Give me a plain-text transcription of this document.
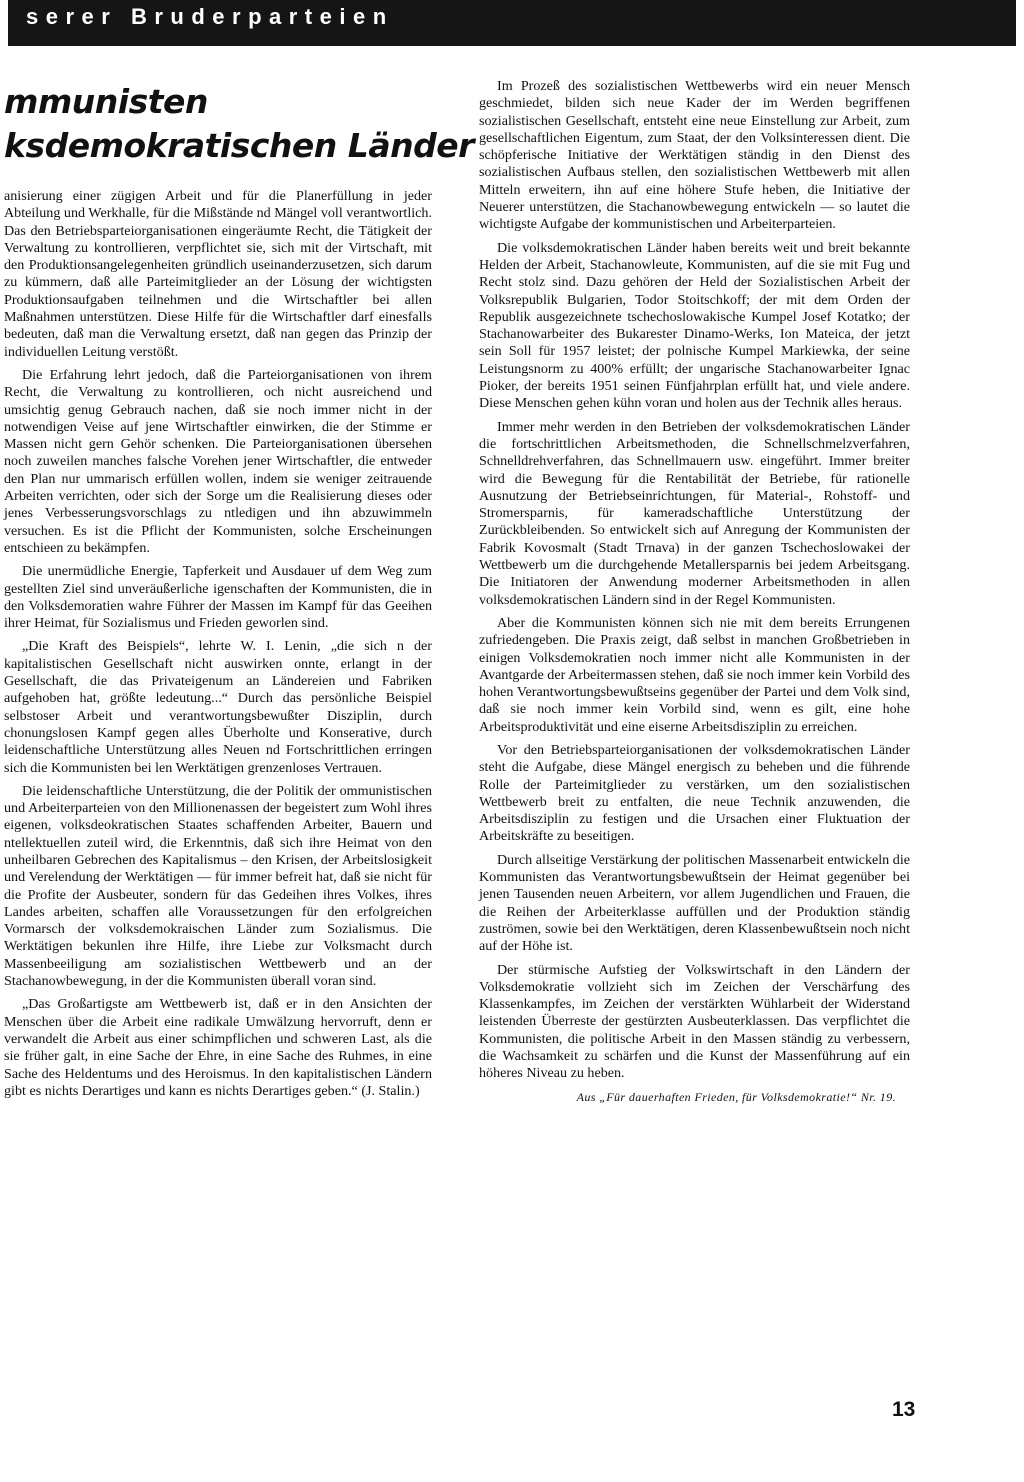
serer Bruderparteien
mmunisten
ksdemokratischen Länder

anisierung einer zügigen Arbeit und für die Planerfüllung in jeder Abteilung und Werkhalle, für die Mißstände nd Mängel voll verantwortlich. Das den Betriebsparteiorganisationen eingeräumte Recht, die Tätigkeit der Verwaltung zu kontrollieren, verpflichtet sie, sich mit der Virtschaft, mit den Produktionsangelegenheiten gründlich useinanderzusetzen, sich darum zu kümmern, daß alle Parteimitglieder an der Lösung der wichtigsten Produktionsaufgaben teilnehmen und die Wirtschaftler bei allen Maßnahmen unterstützen. Diese Hilfe für die Wirtschaftler darf einesfalls bedeuten, daß man die Verwaltung ersetzt, daß nan gegen das Prinzip der individuellen Leitung verstößt.

Die Erfahrung lehrt jedoch, daß die Parteiorganisationen von ihrem Recht, die Verwaltung zu kontrollieren, och nicht ausreichend und umsichtig genug Gebrauch nachen, daß sie noch immer nicht in der notwendigen Veise auf jene Wirtschaftler einwirken, die der Stimme er Massen nicht gern Gehör schenken. Die Parteiorganisationen übersehen noch zuweilen manches falsche Vorehen jener Wirtschaftler, die entweder den Plan nur ummarisch erfüllen wollen, indem sie weniger zeitrauende Arbeiten verrichten, oder sich der Sorge um die Realisierung dieses oder jenes Verbesserungsvorschlags zu ntledigen und ihn abzuwimmeln versuchen. Es ist die Pflicht der Kommunisten, solche Erscheinungen entschieen zu bekämpfen.

Die unermüdliche Energie, Tapferkeit und Ausdauer uf dem Weg zum gestellten Ziel sind unveräußerliche igenschaften der Kommunisten, die in den Volksdemoratien wahre Führer der Massen im Kampf für das Geeihen ihrer Heimat, für Sozialismus und Frieden geworlen sind.

„Die Kraft des Beispiels“, lehrte W. I. Lenin, „die sich n der kapitalistischen Gesellschaft nicht auswirken onnte, erlangt in der Gesellschaft, die das Privateigenum an Ländereien und Fabriken aufgehoben hat, größte ledeutung...“ Durch das persönliche Beispiel selbstoser Arbeit und verantwortungsbewußter Disziplin, durch chonungslosen Kampf gegen alles Überholte und Konserative, durch leidenschaftliche Unterstützung alles Neuen nd Fortschrittlichen erringen sich die Kommunisten bei len Werktätigen grenzenloses Vertrauen.

Die leidenschaftliche Unterstützung, die der Politik der ommunistischen und Arbeiterparteien von den Millionenassen der begeistert zum Wohl ihres eigenen, volksdeokratischen Staates schaffenden Arbeiter, Bauern und ntellektuellen zuteil wird, die Erkenntnis, daß sich ihre Heimat von den unheilbaren Gebrechen des Kapitalismus – den Krisen, der Arbeitslosigkeit und Verelendung der Werktätigen — für immer befreit hat, daß sie nicht für die Profite der Ausbeuter, sondern für das Gedeihen ihres Volkes, ihres Landes arbeiten, schaffen alle Voraussetzungen für den erfolgreichen Vormarsch der volksdemokraischen Länder zum Sozialismus. Die Werktätigen bekunlen ihre Hilfe, ihre Liebe zur Volksmacht durch Massenbeeiligung am sozialistischen Wettbewerb und an der Stachanowbewegung, in der die Kommunisten überall voran sind.

„Das Großartigste am Wettbewerb ist, daß er in den Ansichten der Menschen über die Arbeit eine radikale Umwälzung hervorruft, denn er verwandelt die Arbeit aus einer schimpflichen und schweren Last, als die sie früher galt, in eine Sache der Ehre, in eine Sache des Ruhmes, in eine Sache des Heldentums und des Heroismus. In den kapitalistischen Ländern gibt es nichts Derartiges und kann es nichts Derartiges geben.“ (J. Stalin.)

Im Prozeß des sozialistischen Wettbewerbs wird ein neuer Mensch geschmiedet, bilden sich neue Kader der im Werden begriffenen sozialistischen Gesellschaft, entsteht eine neue Einstellung zur Arbeit, zum gesellschaftlichen Eigentum, zum Staat, der den Volksinteressen dient. Die schöpferische Initiative der Werktätigen ständig in den Dienst des sozialistischen Aufbaus stellen, den sozialistischen Wettbewerb mit allen Mitteln erweitern, ihn auf eine höhere Stufe heben, die Initiative der Neuerer unterstützen, die Stachanowbewegung entwickeln — so lautet die wichtigste Aufgabe der kommunistischen und Arbeiterparteien.

Die volksdemokratischen Länder haben bereits weit und breit bekannte Helden der Arbeit, Stachanowleute, Kommunisten, auf die sie mit Fug und Recht stolz sind. Dazu gehören der Held der Sozialistischen Arbeit der Volksrepublik Bulgarien, Todor Stoitschkoff; der mit dem Orden der Republik ausgezeichnete tschechoslowakische Kumpel Josef Kotatko; der Stachanowarbeiter des Bukarester Dinamo-Werks, Ion Mateica, der jetzt sein Soll für 1957 leistet; der polnische Kumpel Markiewka, der seine Leistungsnorm zu 400% erfüllt; der ungarische Stachanowarbeiter Ignac Pioker, der bereits 1951 seinen Fünfjahrplan erfüllt hat, und viele andere. Diese Menschen gehen kühn voran und holen aus der Technik alles heraus.

Immer mehr werden in den Betrieben der volksdemokratischen Länder die fortschrittlichen Arbeitsmethoden, die Schnellschmelzverfahren, Schnelldrehverfahren, das Schnellmauern usw. eingeführt. Immer breiter wird die Bewegung für die Rentabilität der Betriebe, für rationelle Ausnutzung der Betriebseinrichtungen, für Material-, Rohstoff- und Stromersparnis, für kameradschaftliche Unterstützung der Zurückbleibenden. So entwickelt sich auf Anregung der Kommunisten der Fabrik Kovosmalt (Stadt Trnava) in der ganzen Tschechoslowakei der Wettbewerb um die durchgehende Metallersparnis bei jedem Arbeitsgang. Die Initiatoren der Anwendung moderner Arbeitsmethoden in allen volksdemokratischen Ländern sind in der Regel Kommunisten.

Aber die Kommunisten können sich nie mit dem bereits Errungenen zufriedengeben. Die Praxis zeigt, daß selbst in manchen Großbetrieben in einigen Volksdemokratien noch immer nicht alle Kommunisten in der Avantgarde der Arbeitermassen stehen, daß sie noch immer kein Vorbild des hohen Verantwortungsbewußtseins gegenüber der Partei und dem Volk sind, daß sie noch immer kein Vorbild sind, wenn es gilt, eine hohe Arbeitsproduktivität und eine eiserne Arbeitsdisziplin zu erreichen.

Vor den Betriebsparteiorganisationen der volksdemokratischen Länder steht die Aufgabe, diese Mängel energisch zu beheben und die führende Rolle der Parteimitglieder zu verstärken, um den sozialistischen Wettbewerb breit zu entfalten, die neue Technik anzuwenden, die Arbeitsdisziplin zu festigen und die Ursachen einer Fluktuation der Arbeitskräfte zu beseitigen.

Durch allseitige Verstärkung der politischen Massenarbeit entwickeln die Kommunisten das Verantwortungsbewußtsein der Heimat gegenüber bei jenen Tausenden neuen Arbeitern, vor allem Jugendlichen und Frauen, die die Reihen der Arbeiterklasse auffüllen und der Produktion ständig zuströmen, sowie bei den Werktätigen, deren Klassenbewußtsein noch nicht auf der Höhe ist.

Der stürmische Aufstieg der Volkswirtschaft in den Ländern der Volksdemokratie vollzieht sich im Zeichen der Verschärfung des Klassenkampfes, im Zeichen der verstärkten Wühlarbeit der Widerstand leistenden Überreste der gestürzten Ausbeuterklassen. Das verpflichtet die Kommunisten, die politische Arbeit in den Massen ständig zu verbessern, die Wachsamkeit zu schärfen und die Kunst der Massenführung auf ein höheres Niveau zu heben.

Aus „Für dauerhaften Frieden, für Volksdemokratie!“ Nr. 19.
13
